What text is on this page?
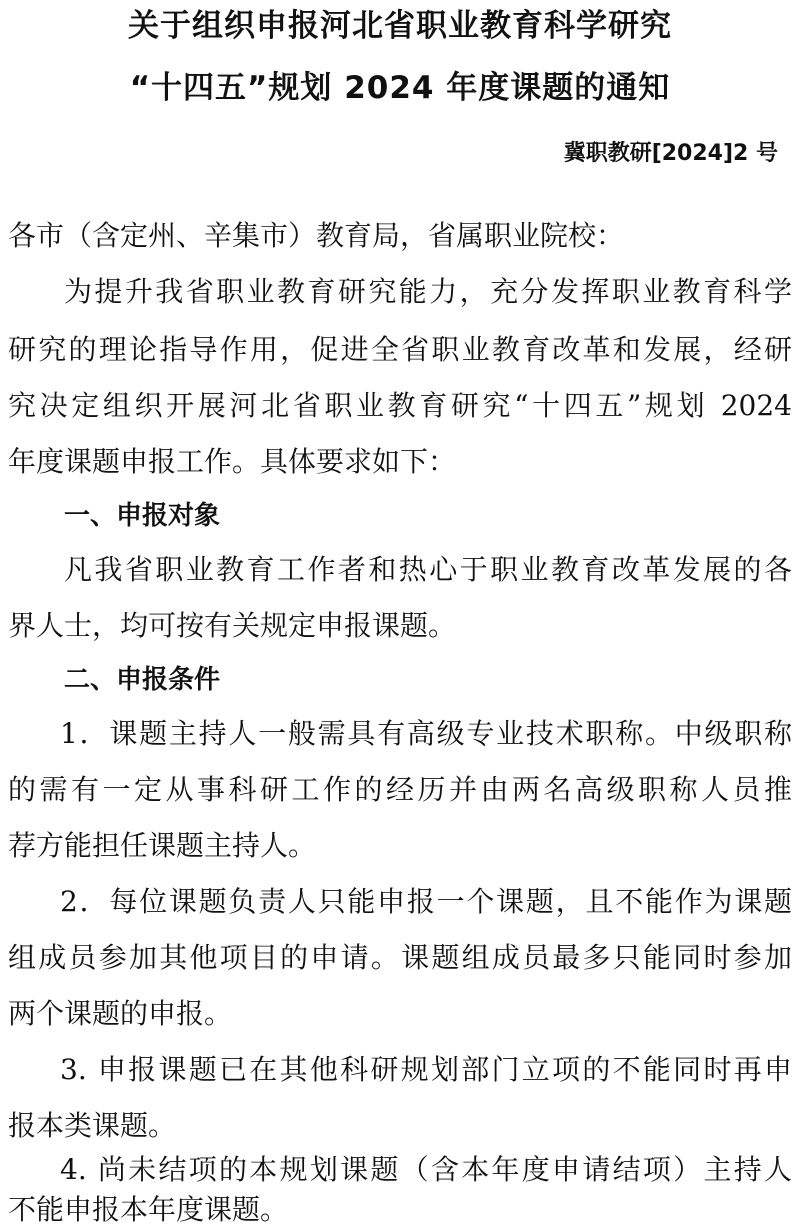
关于组织申报河北省职业教育科学研究
“十四五”规划 2024 年度课题的通知
冀职教研[2024]2 号
各市（含定州、辛集市）教育局，省属职业院校：
为提升我省职业教育研究能力，充分发挥职业教育科学
研究的理论指导作用，促进全省职业教育改革和发展，经研
究决定组织开展河北省职业教育研究“十四五”规划 2024
年度课题申报工作。具体要求如下：
一、申报对象
凡我省职业教育工作者和热心于职业教育改革发展的各
界人士，均可按有关规定申报课题。
二、申报条件
1．课题主持人一般需具有高级专业技术职称。中级职称
的需有一定从事科研工作的经历并由两名高级职称人员推
荐方能担任课题主持人。
2．每位课题负责人只能申报一个课题，且不能作为课题
组成员参加其他项目的申请。课题组成员最多只能同时参加
两个课题的申报。
3. 申报课题已在其他科研规划部门立项的不能同时再申
报本类课题。
4. 尚未结项的本规划课题（含本年度申请结项）主持人
不能申报本年度课题。
